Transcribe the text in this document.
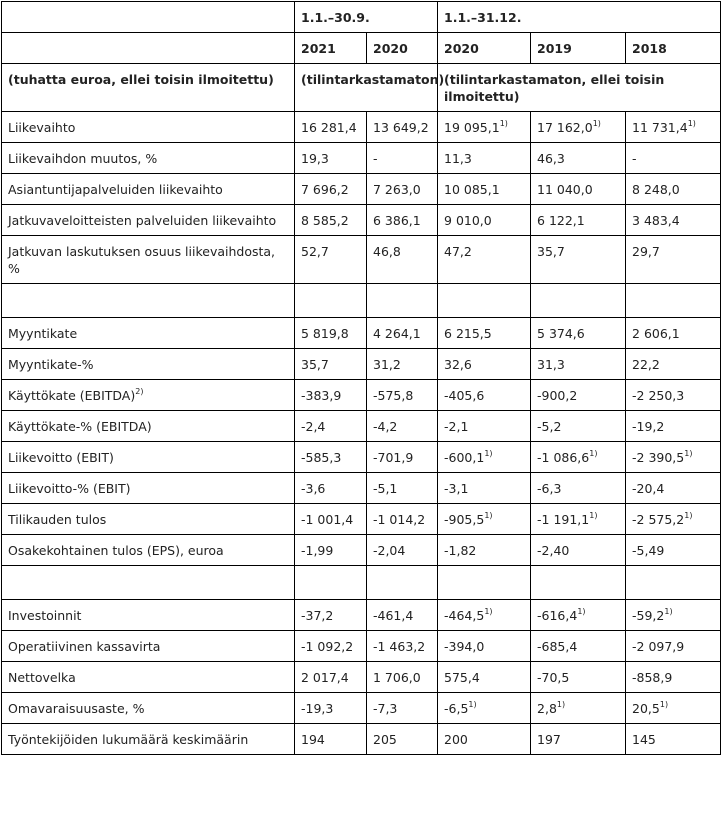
	1.1.–30.9.		1.1.–31.12.		
	2021	2020	2020	2019	2018
(tuhatta euroa, ellei toisin ilmoitettu)	(tilintarkastamaton)		(tilintarkastamaton, ellei toisin ilmoitettu)		
Liikevaihto	16 281,4	13 649,2	19 095,1$^{1)}$	17 162,0$^{1)}$	11 731,4$^{1)}$
Liikevaihdon muutos, %	19,3	-	11,3	46,3	-
Asiantuntijapalveluiden liikevaihto	7 696,2	7 263,0	10 085,1	11 040,0	8 248,0
Jatkuvaveloitteisten palveluiden liikevaihto	8 585,2	6 386,1	9 010,0	6 122,1	3 483,4
Jatkuvan laskutuksen osuus liikevaihdosta, %	52,7	46,8	47,2	35,7	29,7

Myyntikate	5 819,8	4 264,1	6 215,5	5 374,6	2 606,1
Myyntikate-%	35,7	31,2	32,6	31,3	22,2
Käyttökate (EBITDA)$^{2)}$	-383,9	-575,8	-405,6	-900,2	-2 250,3
Käyttökate-% (EBITDA)	-2,4	-4,2	-2,1	-5,2	-19,2
Liikevoitto (EBIT)	-585,3	-701,9	-600,1$^{1)}$	-1 086,6$^{1)}$	-2 390,5$^{1)}$
Liikevoitto-% (EBIT)	-3,6	-5,1	-3,1	-6,3	-20,4
Tilikauden tulos	-1 001,4	-1 014,2	-905,5$^{1)}$	-1 191,1$^{1)}$	-2 575,2$^{1)}$
Osakekohtainen tulos (EPS), euroa	-1,99	-2,04	-1,82	-2,40	-5,49

Investoinnit	-37,2	-461,4	-464,5$^{1)}$	-616,4$^{1)}$	-59,2$^{1)}$
Operatiivinen kassavirta	-1 092,2	-1 463,2	-394,0	-685,4	-2 097,9
Nettovelka	2 017,4	1 706,0	575,4	-70,5	-858,9
Omavaraisuusaste, %	-19,3	-7,3	-6,5$^{1)}$	2,8$^{1)}$	20,5$^{1)}$
Työntekijöiden lukumäärä keskimäärin	194	205	200	197	145
